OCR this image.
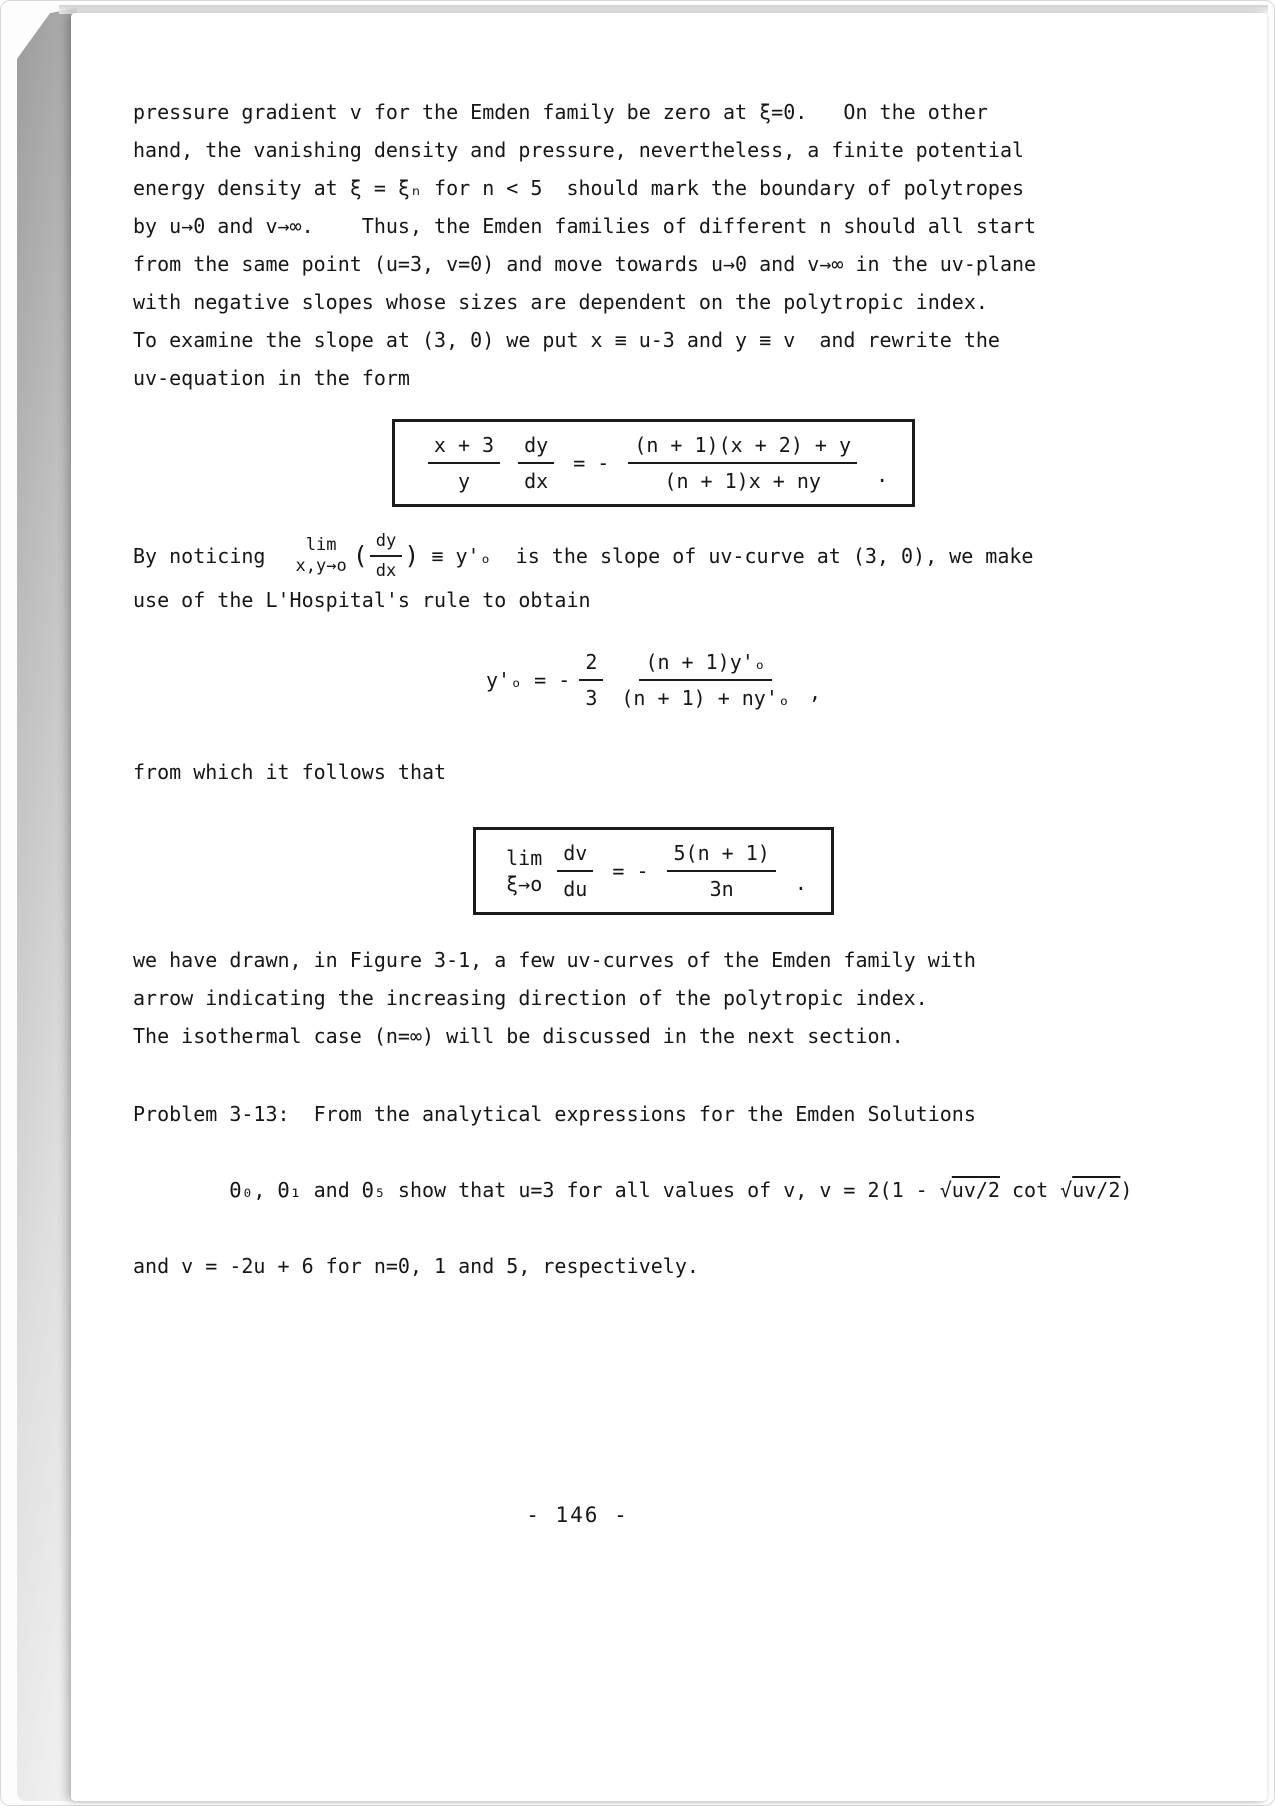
pressure gradient v for the Emden family be zero at ξ=0.   On the other
hand, the vanishing density and pressure, nevertheless, a finite potential
energy density at ξ = ξₙ for n < 5  should mark the boundary of polytropes
by u→0 and v→∞.    Thus, the Emden families of different n should all start
from the same point (u=3, v=0) and move towards u→0 and v→∞ in the uv-plane
with negative slopes whose sizes are dependent on the polytropic index.
To examine the slope at (3, 0) we put x ≡ u-3 and y ≡ v  and rewrite the
uv-equation in the form
$\frac{x + 3}{y} \frac{dy}{dx}$ = - $\frac{(n + 1)(x + 2) + y}{(n + 1)x + ny}$ .
By noticing lim
x,y→o ( $\frac{dy}{dx}$ ) ≡ y'ₒ is the slope of uv-curve at (3, 0), we make
use of the L'Hospital's rule to obtain
y'ₒ = - $\frac{2}{3} \frac{\text{(n + 1)y'ₒ}}{\text{(n + 1) + ny'ₒ}}$ ,
from which it follows that
lim
$\xi\to o \frac{dv}{du}$ = - $\frac{5(n + 1)}{3n}$ .
we have drawn, in Figure 3-1, a few uv-curves of the Emden family with
arrow indicating the increasing direction of the polytropic index.
The isothermal case (n=∞) will be discussed in the next section.
Problem 3-13:  From the analytical expressions for the Emden Solutions

Θ₀, Θ₁ and Θ₅ show that u=3 for all values of v, v = 2(1 - √uv/2 cot √uv/2)

and v = -2u + 6 for n=0, 1 and 5, respectively.
- 146 -
